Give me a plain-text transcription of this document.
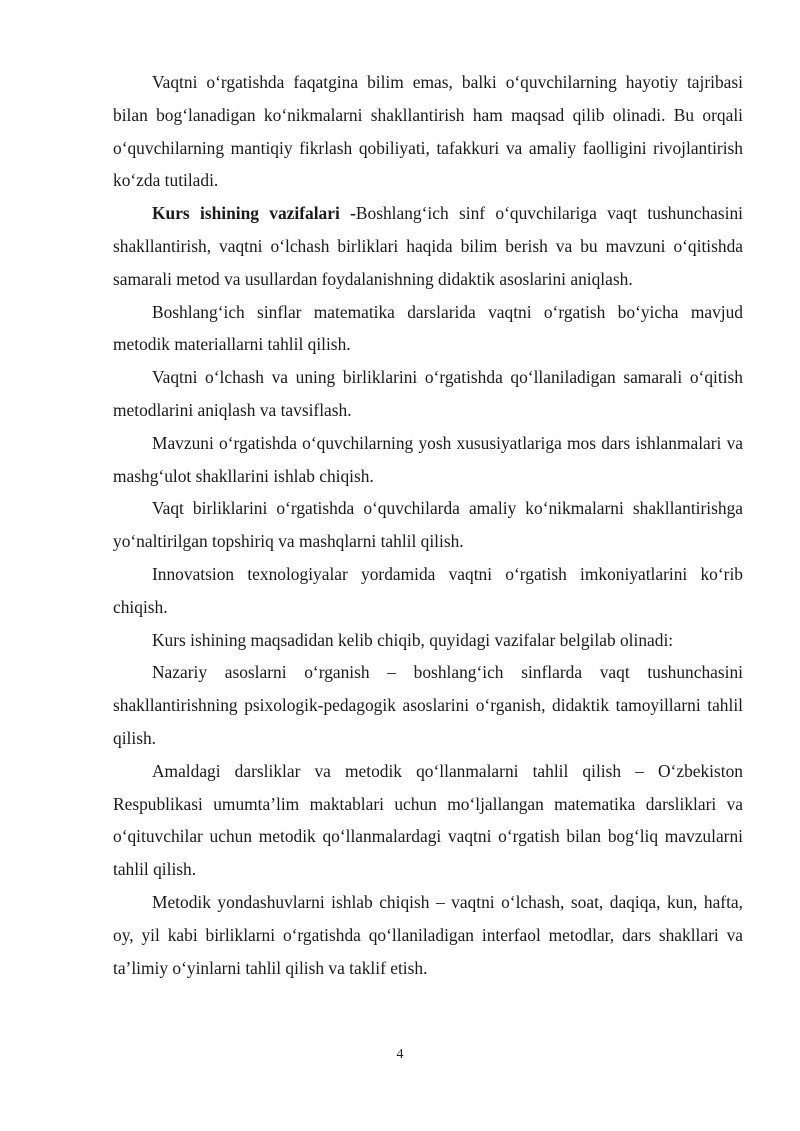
Vaqtni o‘rgatishda faqatgina bilim emas, balki o‘quvchilarning hayotiy tajribasi bilan bog‘lanadigan ko‘nikmalarni shakllantirish ham maqsad qilib olinadi. Bu orqali o‘quvchilarning mantiqiy fikrlash qobiliyati, tafakkuri va amaliy faolligini rivojlantirish ko‘zda tutiladi.

Kurs ishining vazifalari -Boshlang‘ich sinf o‘quvchilariga vaqt tushunchasini shakllantirish, vaqtni o‘lchash birliklari haqida bilim berish va bu mavzuni o‘qitishda samarali metod va usullardan foydalanishning didaktik asoslarini aniqlash.

Boshlang‘ich sinflar matematika darslarida vaqtni o‘rgatish bo‘yicha mavjud metodik materiallarni tahlil qilish.

Vaqtni o‘lchash va uning birliklarini o‘rgatishda qo‘llaniladigan samarali o‘qitish metodlarini aniqlash va tavsiflash.

Mavzuni o‘rgatishda o‘quvchilarning yosh xususiyatlariga mos dars ishlanmalari va mashg‘ulot shakllarini ishlab chiqish.

Vaqt birliklarini o‘rgatishda o‘quvchilarda amaliy ko‘nikmalarni shakllantirishga yo‘naltirilgan topshiriq va mashqlarni tahlil qilish.

Innovatsion texnologiyalar yordamida vaqtni o‘rgatish imkoniyatlarini ko‘rib chiqish.

Kurs ishining maqsadidan kelib chiqib, quyidagi vazifalar belgilab olinadi:

Nazariy asoslarni o‘rganish – boshlang‘ich sinflarda vaqt tushunchasini shakllantirishning psixologik-pedagogik asoslarini o‘rganish, didaktik tamoyillarni tahlil qilish.

Amaldagi darsliklar va metodik qo‘llanmalarni tahlil qilish – O‘zbekiston Respublikasi umumta’lim maktablari uchun mo‘ljallangan matematika darsliklari va o‘qituvchilar uchun metodik qo‘llanmalardagi vaqtni o‘rgatish bilan bog‘liq mavzularni tahlil qilish.

Metodik yondashuvlarni ishlab chiqish – vaqtni o‘lchash, soat, daqiqa, kun, hafta, oy, yil kabi birliklarni o‘rgatishda qo‘llaniladigan interfaol metodlar, dars shakllari va ta’limiy o‘yinlarni tahlil qilish va taklif etish.

4
